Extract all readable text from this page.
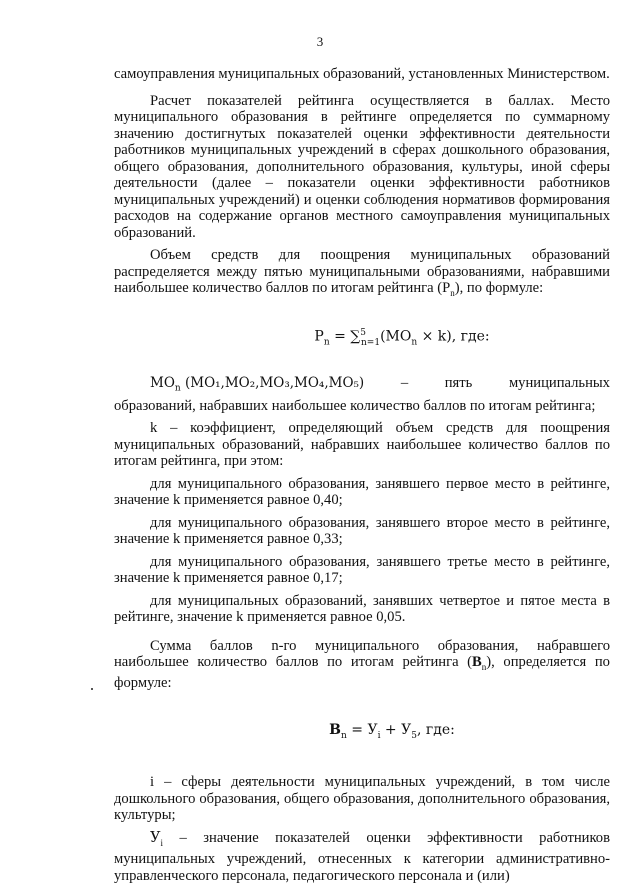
3

самоуправления муниципальных образований, установленных Министерством.

Расчет показателей рейтинга осуществляется в баллах. Место муниципального образования в рейтинге определяется по суммарному значению достигнутых показателей оценки эффективности деятельности работников муниципальных учреждений в сферах дошкольного образования, общего образования, дополнительного образования, культуры, иной сферы деятельности (далее – показатели оценки эффективности работников муниципальных учреждений) и оценки соблюдения нормативов формирования расходов на содержание органов местного самоуправления муниципальных образований.

Объем средств для поощрения муниципальных образований распределяется между пятью муниципальными образованиями, набравшими наибольшее количество баллов по итогам рейтинга $(P_n)$, по формуле:

$P_n = \sum^5_{n=1}(MO_n \times k)$, где:
$MO_n$ (MO₁,MO₂,MO₃,MO₄,MO₅)	–	пять	муниципальных

образований, набравших наибольшее количество баллов по итогам рейтинга;

k – коэффициент, определяющий объем средств для поощрения муниципальных образований, набравших наибольшее количество баллов по итогам рейтинга, при этом:

для муниципального образования, занявшего первое место в рейтинге, значение k применяется равное 0,40;

для муниципального образования, занявшего второе место в рейтинге, значение k применяется равное 0,33;

для муниципального образования, занявшего третье место в рейтинге, значение k применяется равное 0,17;

для муниципальных образований, занявших четвертое и пятое места в рейтинге, значение k применяется равное 0,05.

Сумма баллов n-го муниципального образования, набравшего наибольшее количество баллов по итогам рейтинга $(B_n)$, определяется по формуле:

$B_n = У_i + У_5$, где:

i – сферы деятельности муниципальных учреждений, в том числе дошкольного образования, общего образования, дополнительного образования, культуры;

$У_i$ – значение показателей оценки эффективности работников муниципальных учреждений, отнесенных к категории административно-управленческого персонала, педагогического персонала и (или)
